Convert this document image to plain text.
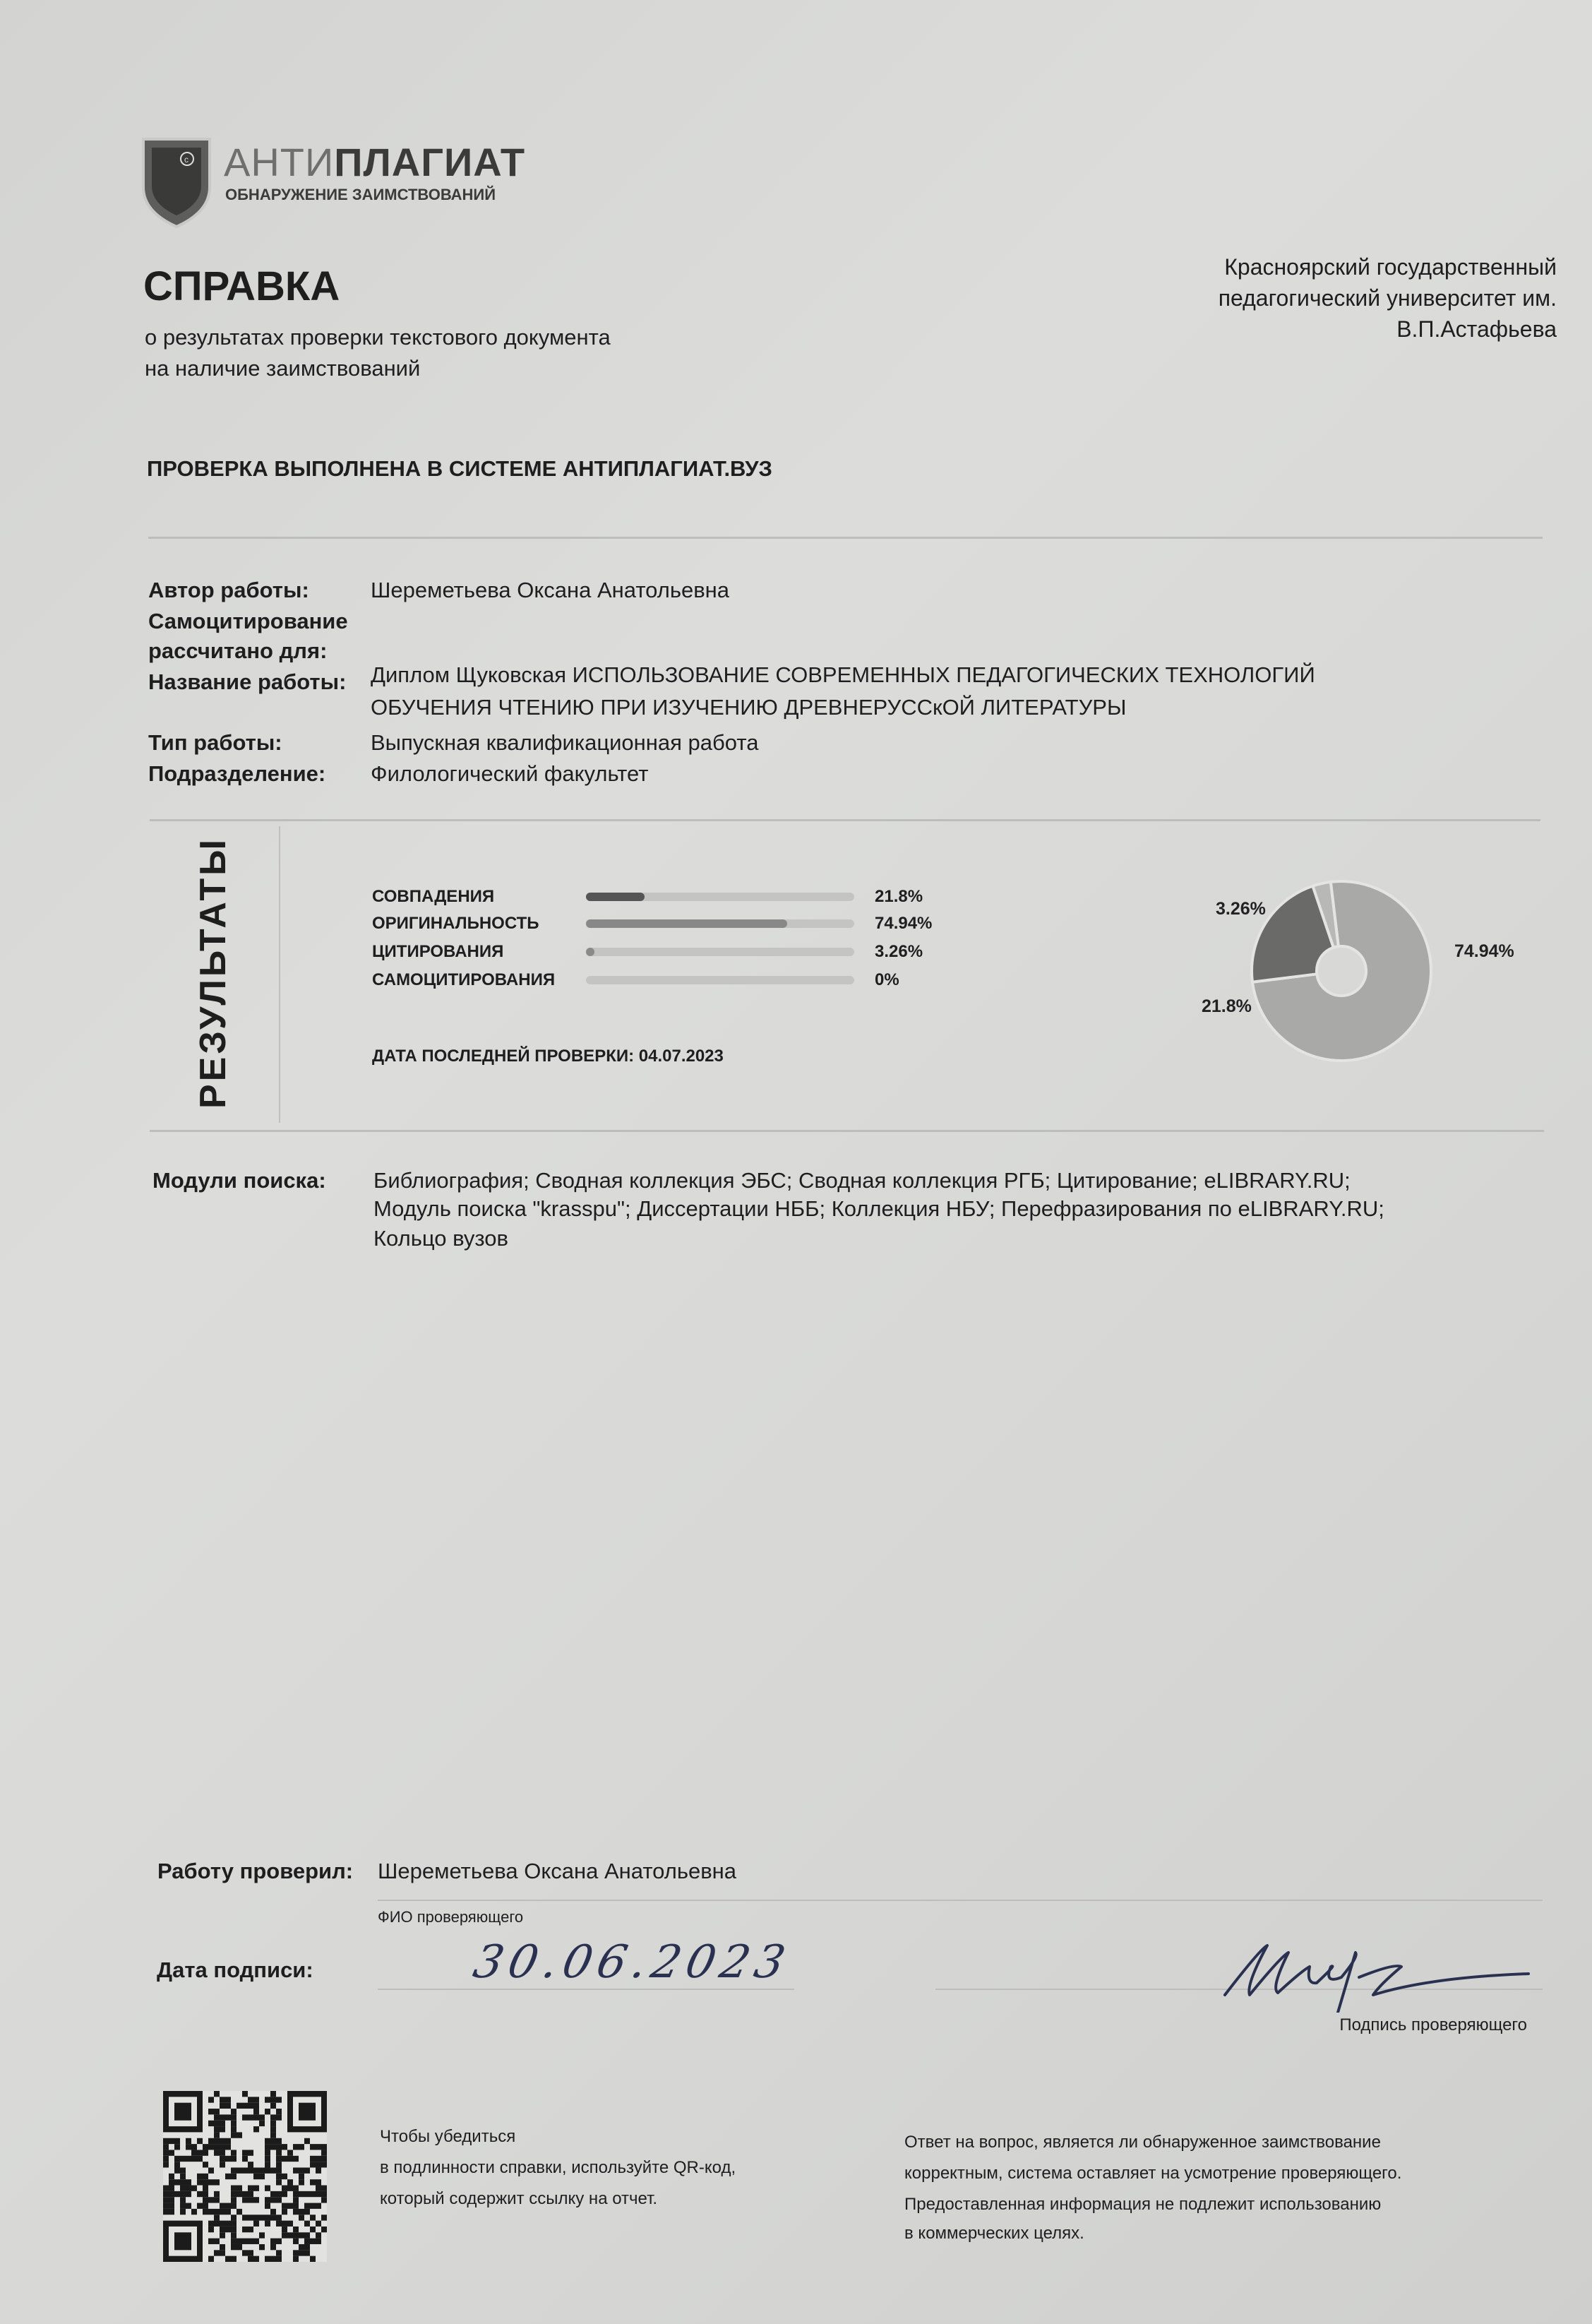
c АНТИПЛАГИАТ
ОБНАРУЖЕНИЕ ЗАИМСТВОВАНИЙ
СПРАВКА
о результатах проверки текстового документа
на наличие заимствований
Красноярский государственный
педагогический университет им.
В.П.Астафьева
ПРОВЕРКА ВЫПОЛНЕНА В СИСТЕМЕ АНТИПЛАГИАТ.ВУЗ
Автор работы:	Шереметьева Оксана Анатольевна
Самоцитирование
рассчитано для:
Название работы: Диплом Щуковская ИСПОЛЬЗОВАНИЕ СОВРЕМЕННЫХ ПЕДАГОГИЧЕСКИХ ТЕХНОЛОГИЙ
ОБУЧЕНИЯ ЧТЕНИЮ ПРИ ИЗУЧЕНИЮ ДРЕВНЕРУССкОЙ ЛИТЕРАТУРЫ
Тип работы:	Выпускная квалификационная работа
Подразделение: Филологический факультет
РЕЗУЛЬТАТЫ	СОВПАДЕНИЯ	21.8%
ОРИГИНАЛЬНОСТЬ	74.94%
ЦИТИРОВАНИЯ	3.26%
САМОЦИТИРОВАНИЯ	0%
ДАТА ПОСЛЕДНЕЙ ПРОВЕРКИ: 04.07.2023
74.94%
21.8%
3.26%
Модули поиска: Библиография; Сводная коллекция ЭБС; Сводная коллекция РГБ; Цитирование; eLIBRARY.RU;
Модуль поиска "krasspu"; Диссертации НББ; Коллекция НБУ; Перефразирования по eLIBRARY.RU;
Кольцо вузов
Работу проверил: Шереметьева Оксана Анатольевна
ФИО проверяющего
Дата подписи:	30.06.2023
Подпись проверяющего
Чтобы убедиться
в подлинности справки, используйте QR-код,
который содержит ссылку на отчет.
Ответ на вопрос, является ли обнаруженное заимствование
корректным, система оставляет на усмотрение проверяющего.
Предоставленная информация не подлежит использованию
в коммерческих целях.
